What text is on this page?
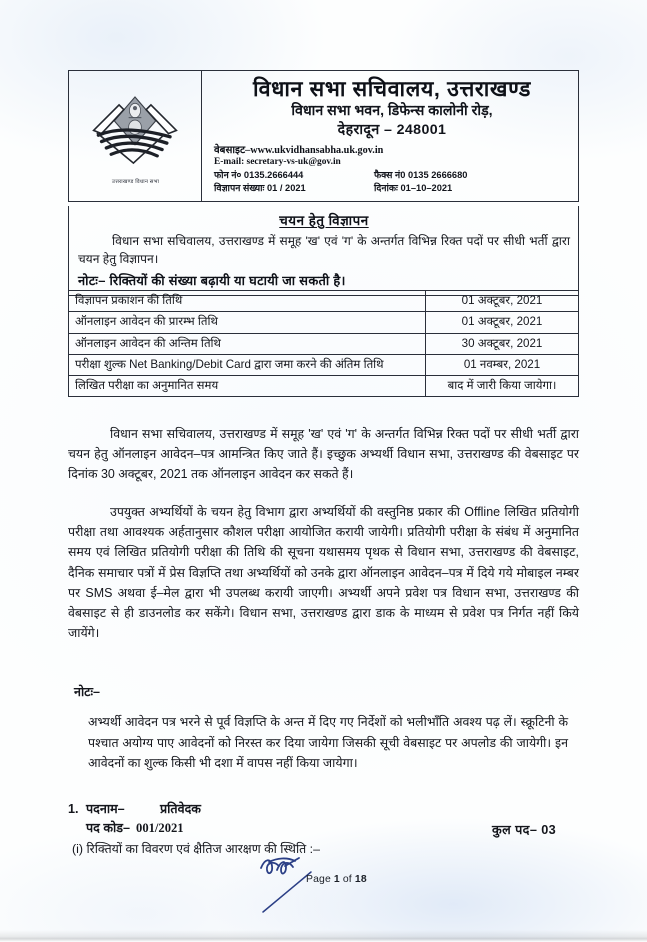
उत्तराखण्ड विधान सभा
विधान सभा सचिवालय, उत्तराखण्ड
विधान सभा भवन, डिफेन्स कालोनी रोड़,
देहरादून – 248001
वेबसाइट–www.ukvidhansabha.uk.gov.in
E-mail: secretary-vs-uk@gov.in
फोन नं० 0135.2666444	फैक्स नं0 0135 2666680
विज्ञापन संख्याः 01 / 2021	दिनांकः 01–10–2021
चयन हेतु विज्ञापन
विधान सभा सचिवालय, उत्तराखण्ड में समूह 'ख' एवं 'ग' के अन्तर्गत विभिन्न रिक्त पदों पर सीधी भर्ती द्वारा चयन हेतु विज्ञापन।
नोटः– रिक्तियों की संख्या बढ़ायी या घटायी जा सकती है।
विज्ञापन प्रकाशन की तिथि	01 अक्टूबर, 2021
ऑनलाइन आवेदन की प्रारम्भ तिथि	01 अक्टूबर, 2021
ऑनलाइन आवेदन की अन्तिम तिथि	30 अक्टूबर, 2021
परीक्षा शुल्क Net Banking/Debit Card द्वारा जमा करने की अंतिम तिथि	01 नवम्बर, 2021
लिखित परीक्षा का अनुमानित समय	बाद में जारी किया जायेगा।
विधान सभा सचिवालय, उत्तराखण्ड में समूह 'ख' एवं 'ग' के अन्तर्गत विभिन्न रिक्त पदों पर सीधी भर्ती द्वारा चयन हेतु ऑनलाइन आवेदन–पत्र आमन्त्रित किए जाते हैं। इच्छुक अभ्यर्थी विधान सभा, उत्तराखण्ड की वेबसाइट पर दिनांक 30 अक्टूबर, 2021 तक ऑनलाइन आवेदन कर सकते हैं।
उपयुक्त अभ्यर्थियों के चयन हेतु विभाग द्वारा अभ्यर्थियों की वस्तुनिष्ठ प्रकार की Offline लिखित प्रतियोगी परीक्षा तथा आवश्यक अर्हतानुसार कौशल परीक्षा आयोजित करायी जायेगी। प्रतियोगी परीक्षा के संबंध में अनुमानित समय एवं लिखित प्रतियोगी परीक्षा की तिथि की सूचना यथासमय पृथक से विधान सभा, उत्तराखण्ड की वेबसाइट, दैनिक समाचार पत्रों में प्रेस विज्ञप्ति तथा अभ्यर्थियों को उनके द्वारा ऑनलाइन आवेदन–पत्र में दिये गये मोबाइल नम्बर पर SMS अथवा ई–मेल द्वारा भी उपलब्ध करायी जाएगी। अभ्यर्थी अपने प्रवेश पत्र विधान सभा, उत्तराखण्ड की वेबसाइट से ही डाउनलोड कर सकेंगे। विधान सभा, उत्तराखण्ड द्वारा डाक के माध्यम से प्रवेश पत्र निर्गत नहीं किये जायेंगे।
नोटः–
अभ्यर्थी आवेदन पत्र भरने से पूर्व विज्ञप्ति के अन्त में दिए गए निर्देशों को भलीभाँति अवश्य पढ़ लें। स्क्रूटिनी के पश्चात अयोग्य पाए आवेदनों को निरस्त कर दिया जायेगा जिसकी सूची वेबसाइट पर अपलोड की जायेगी। इन आवेदनों का शुल्क किसी भी दशा में वापस नहीं किया जायेगा।
1. पदनाम–	प्रतिवेदक
पद कोड– 001/2021	कुल पद– 03
(i) रिक्तियों का विवरण एवं क्षैतिज आरक्षण की स्थिति :–
Page 1 of 18
